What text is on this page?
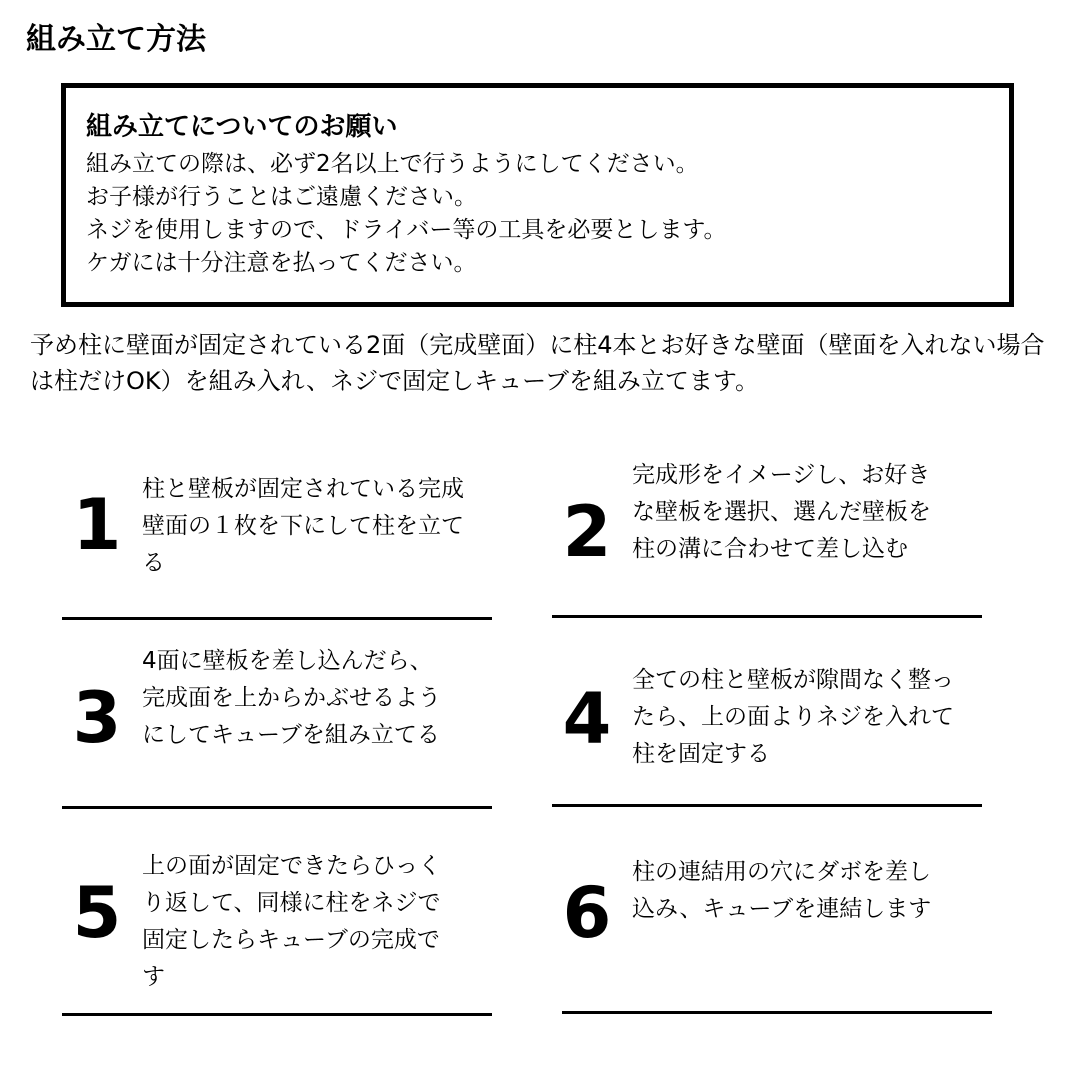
組み立て方法
組み立てについてのお願い
組み立ての際は、必ず2名以上で行うようにしてください。
お子様が行うことはご遠慮ください。
ネジを使用しますので、ドライバー等の工具を必要とします。
ケガには十分注意を払ってください。

予め柱に壁面が固定されている2面（完成壁面）に柱4本とお好きな壁面（壁面を入れない場合は柱だけOK）を組み入れ、ネジで固定しキューブを組み立てます。

1 柱と壁板が固定されている完成壁面の１枚を下にして柱を立てる	2

完成形をイメージし、お好きな壁板を選択、選んだ壁板を柱の溝に合わせて差し込む

3

4面に壁板を差し込んだら、完成面を上からかぶせるようにしてキューブを組み立てる 4 全ての柱と壁板が隙間なく整ったら、上の面よりネジを入れて柱を固定する

5

上の面が固定できたらひっくり返して、同様に柱をネジで固定したらキューブの完成です

6 柱の連結用の穴にダボを差し込み、キューブを連結します
